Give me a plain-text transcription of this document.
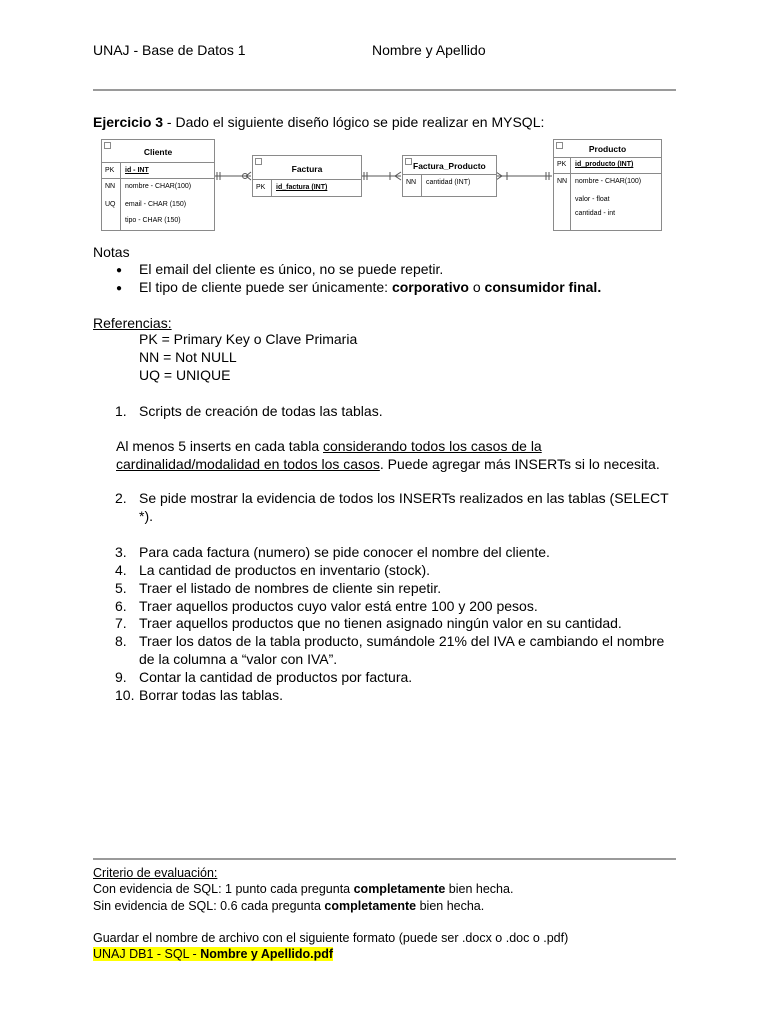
UNAJ - Base de Datos 1	Nombre y Apellido
Ejercicio 3 - Dado el siguiente diseño lógico se pide realizar en MYSQL:
Cliente
PK id - INT
NN nombre - CHAR(100)
UQ email - CHAR (150)
tipo - CHAR (150)
Factura
PK id_factura (INT)
Factura_Producto
NN cantidad (INT)
Producto
PK id_producto (INT)
NN nombre - CHAR(100)
valor - float
cantidad - int
Notas
● El email del cliente es único, no se puede repetir.
● El tipo de cliente puede ser únicamente: corporativo o consumidor final.
Referencias:
PK = Primary Key o Clave Primaria
NN = Not NULL
UQ = UNIQUE
1. Scripts de creación de todas las tablas.
Al menos 5 inserts en cada tabla considerando todos los casos de la
cardinalidad/modalidad en todos los casos. Puede agregar más INSERTs si lo necesita.
2. Se pide mostrar la evidencia de todos los INSERTs realizados en las tablas (SELECT
*).
3. Para cada factura (numero) se pide conocer el nombre del cliente.
4. La cantidad de productos en inventario (stock).
5. Traer el listado de nombres de cliente sin repetir.
6. Traer aquellos productos cuyo valor está entre 100 y 200 pesos.
7. Traer aquellos productos que no tienen asignado ningún valor en su cantidad.
8. Traer los datos de la tabla producto, sumándole 21% del IVA e cambiando el nombre
de la columna a “valor con IVA”.
9. Contar la cantidad de productos por factura.
10. Borrar todas las tablas.
Criterio de evaluación:
Con evidencia de SQL: 1 punto cada pregunta completamente bien hecha.
Sin evidencia de SQL: 0.6 cada pregunta completamente bien hecha.
Guardar el nombre de archivo con el siguiente formato (puede ser .docx o .doc o .pdf)
UNAJ DB1 - SQL - Nombre y Apellido.pdf
